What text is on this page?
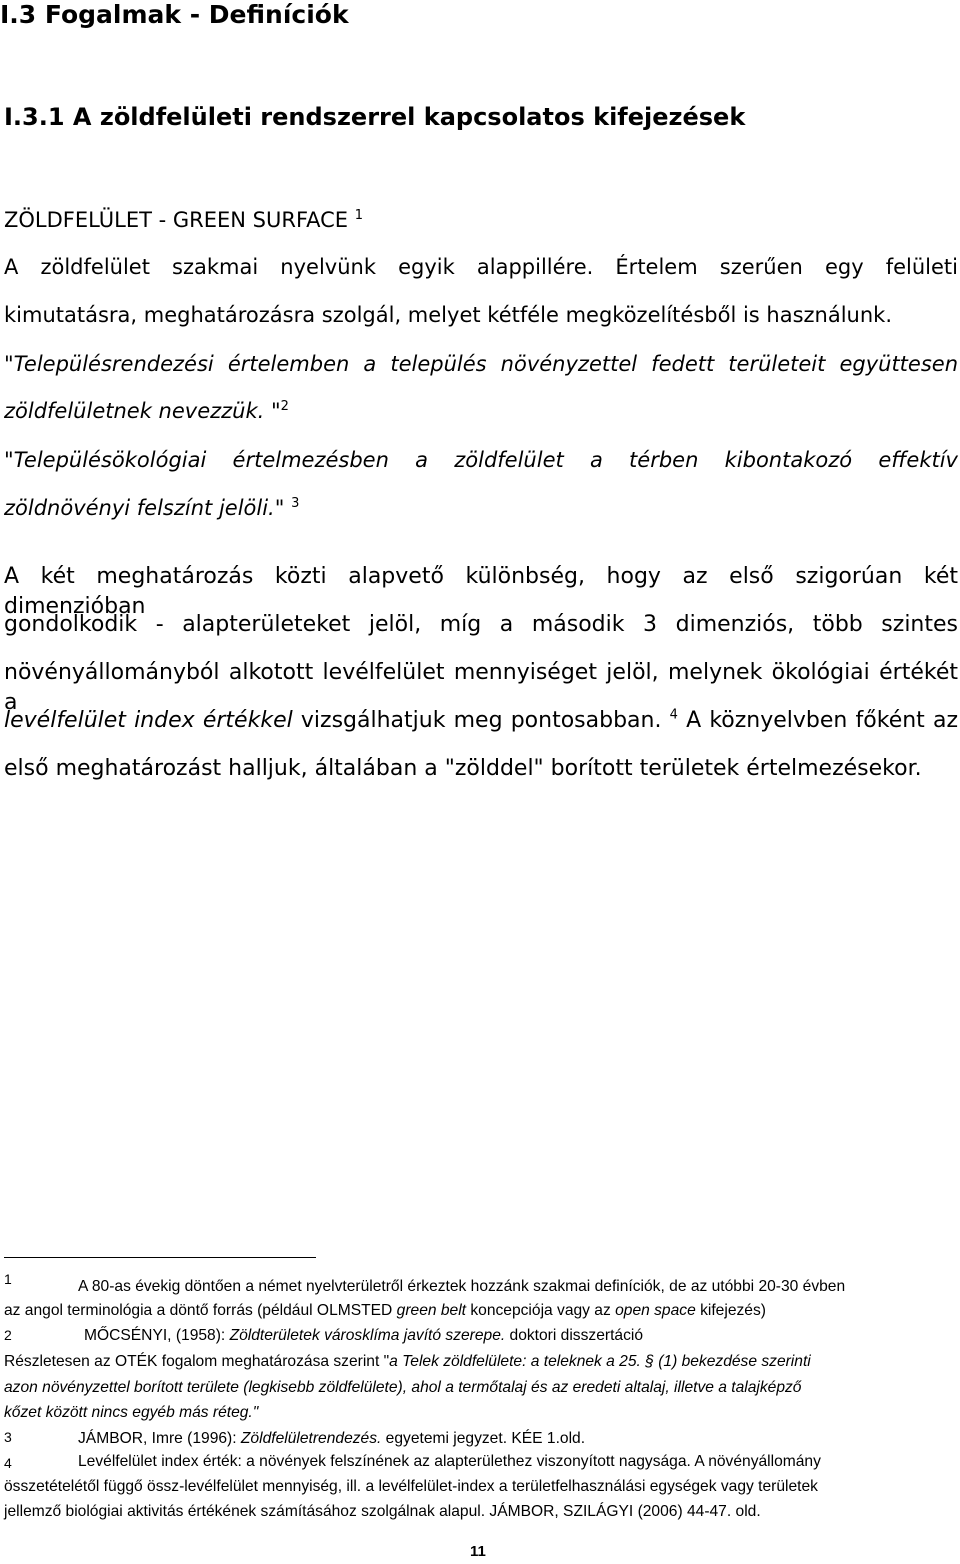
I.3 Fogalmak - Definíciók
I.3.1 A zöldfelületi rendszerrel kapcsolatos kifejezések
ZÖLDFELÜLET - GREEN SURFACE $^1$
A zöldfelület szakmai nyelvünk egyik alappillére. Értelem szerűen egy felületi
kimutatásra, meghatározásra szolgál, melyet kétféle megközelítésből is használunk.
"Településrendezési értelemben a település növényzettel fedett területeit együttesen
zöldfelületnek nevezzük. "$^2$
"Településökológiai értelmezésben a zöldfelület a térben kibontakozó effektív
zöldnövényi felszínt jelöli." $^3$
A két meghatározás közti alapvető különbség, hogy az első szigorúan két dimenzióban
gondolkodik - alapterületeket jelöl, míg a második 3 dimenziós, több szintes
növényállományból alkotott levélfelület mennyiséget jelöl, melynek ökológiai értékét a
levélfelület index értékkel vizsgálhatjuk meg pontosabban. $^4$ A köznyelvben főként az
első meghatározást halljuk, általában a "zölddel" borított területek értelmezésekor.
1	A 80-as évekig döntően a német nyelvterületről érkeztek hozzánk szakmai definíciók, de az utóbbi 20-30 évben
az angol terminológia a döntő forrás (például OLMSTED green belt koncepciója vagy az open space kifejezés)
2	MŐCSÉNYI, (1958): Zöldterületek városklíma javító szerepe. doktori disszertáció
Részletesen az OTÉK fogalom meghatározása szerint "a Telek zöldfelülete: a teleknek a 25. § (1) bekezdése szerinti
azon növényzettel borított területe (legkisebb zöldfelülete), ahol a termőtalaj és az eredeti altalaj, illetve a talajképző
kőzet között nincs egyéb más réteg."
3	JÁMBOR, Imre (1996): Zöldfelületrendezés. egyetemi jegyzet. KÉE 1.old.
4	Levélfelület index érték: a növények felszínének az alapterülethez viszonyított nagysága. A növényállomány
összetételétől függő össz-levélfelület mennyiség, ill. a levélfelület-index a területfelhasználási egységek vagy területek
jellemző biológiai aktivitás értékének számításához szolgálnak alapul. JÁMBOR, SZILÁGYI (2006) 44-47. old.
11
